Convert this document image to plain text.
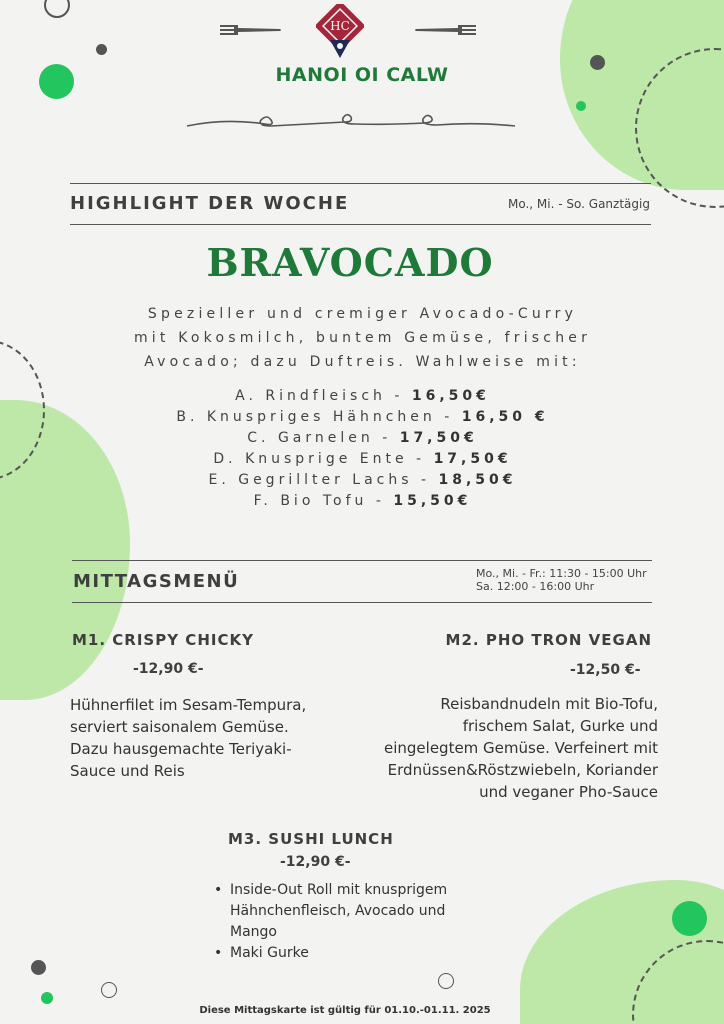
HC
HANOI OI CALW
HIGHLIGHT DER WOCHE	Mo., Mi. - So. Ganztägig
BRAVOCADO
Spezieller und cremiger Avocado-Curry
mit Kokosmilch, buntem Gemüse, frischer
Avocado; dazu Duftreis. Wahlweise mit:
A. Rindfleisch - 16,50€
B. Knuspriges Hähnchen - 16,50 €
C. Garnelen - 17,50€
D. Knusprige Ente - 17,50€
E. Gegrillter Lachs - 18,50€
F. Bio Tofu - 15,50€
MITTAGSMENÜ	Mo., Mi. - Fr.: 11:30 - 15:00 Uhr
Sa. 12:00 - 16:00 Uhr
M1. CRISPY CHICKY
-12,90 €-
Hühnerfilet im Sesam-Tempura, serviert saisonalem Gemüse. Dazu hausgemachte Teriyaki-Sauce und Reis
M2. PHO TRON VEGAN
-12,50 €-
Reisbandnudeln mit Bio-Tofu, frischem Salat, Gurke und eingelegtem Gemüse. Verfeinert mit Erdnüssen&Röstzwiebeln, Koriander und veganer Pho-Sauce
M3. SUSHI LUNCH
-12,90 €-
• Inside-Out Roll mit knusprigem Hähnchenfleisch, Avocado und Mango
• Maki Gurke
Diese Mittagskarte ist gültig für 01.10.-01.11. 2025
